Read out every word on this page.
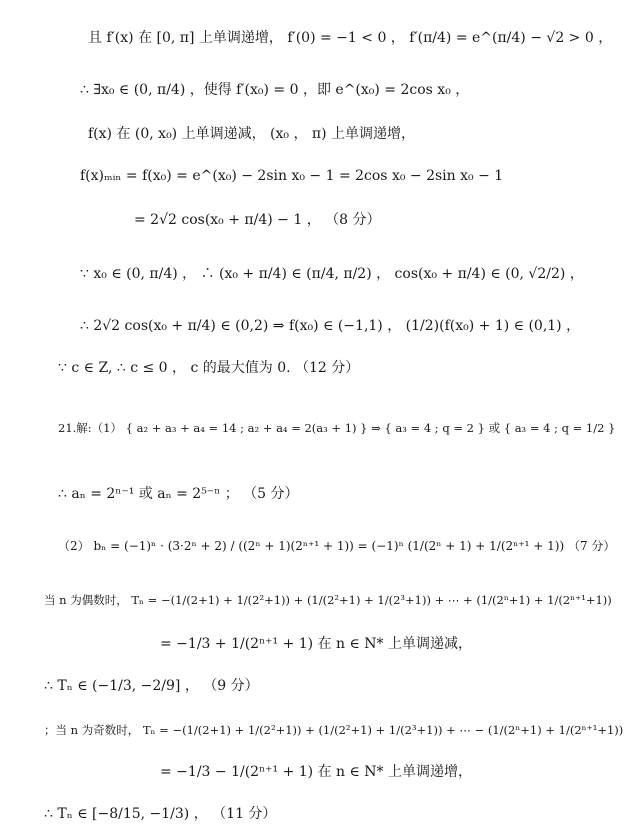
且 f′(x) 在 [0, π] 上单调递增， f′(0) = −1 < 0 ， f′(π/4) = e^(π/4) − √2 > 0 ，
∴ ∃x₀ ∈ (0, π/4) ，使得 f′(x₀) = 0 ，即 e^(x₀) = 2cos x₀ ，
f(x) 在 (0, x₀) 上单调递减， (x₀ ， π) 上单调递增，
f(x)ₘᵢₙ = f(x₀) = e^(x₀) − 2sin x₀ − 1 = 2cos x₀ − 2sin x₀ − 1
= 2√2 cos(x₀ + π/4) − 1 ， （8 分）
∵ x₀ ∈ (0, π/4) ， ∴ (x₀ + π/4) ∈ (π/4, π/2) ， cos(x₀ + π/4) ∈ (0, √2/2) ，
∴ 2√2 cos(x₀ + π/4) ∈ (0,2) ⇒ f(x₀) ∈ (−1,1) ， (1/2)(f(x₀) + 1) ∈ (0,1) ，
∵ c ∈ Z, ∴ c ≤ 0 ， c 的最大值为 0. （12 分）
21.解:（1） { a₂ + a₃ + a₄ = 14 ; a₂ + a₄ = 2(a₃ + 1) } ⇒ { a₃ = 4 ; q = 2 } 或 { a₃ = 4 ; q = 1/2 }
∴ aₙ = 2ⁿ⁻¹ 或 aₙ = 2⁵⁻ⁿ ； （5 分）
（2） bₙ = (−1)ⁿ · (3·2ⁿ + 2) / ((2ⁿ + 1)(2ⁿ⁺¹ + 1)) = (−1)ⁿ (1/(2ⁿ + 1) + 1/(2ⁿ⁺¹ + 1)) （7 分）
当 n 为偶数时， Tₙ = −(1/(2+1) + 1/(2²+1)) + (1/(2²+1) + 1/(2³+1)) + ⋯ + (1/(2ⁿ+1) + 1/(2ⁿ⁺¹+1))
= −1/3 + 1/(2ⁿ⁺¹ + 1) 在 n ∈ N* 上单调递减，
∴ Tₙ ∈ (−1/3, −2/9] ， （9 分）
；当 n 为奇数时， Tₙ = −(1/(2+1) + 1/(2²+1)) + (1/(2²+1) + 1/(2³+1)) + ⋯ − (1/(2ⁿ+1) + 1/(2ⁿ⁺¹+1))
= −1/3 − 1/(2ⁿ⁺¹ + 1) 在 n ∈ N* 上单调递增，
∴ Tₙ ∈ [−8/15, −1/3) ， （11 分）
